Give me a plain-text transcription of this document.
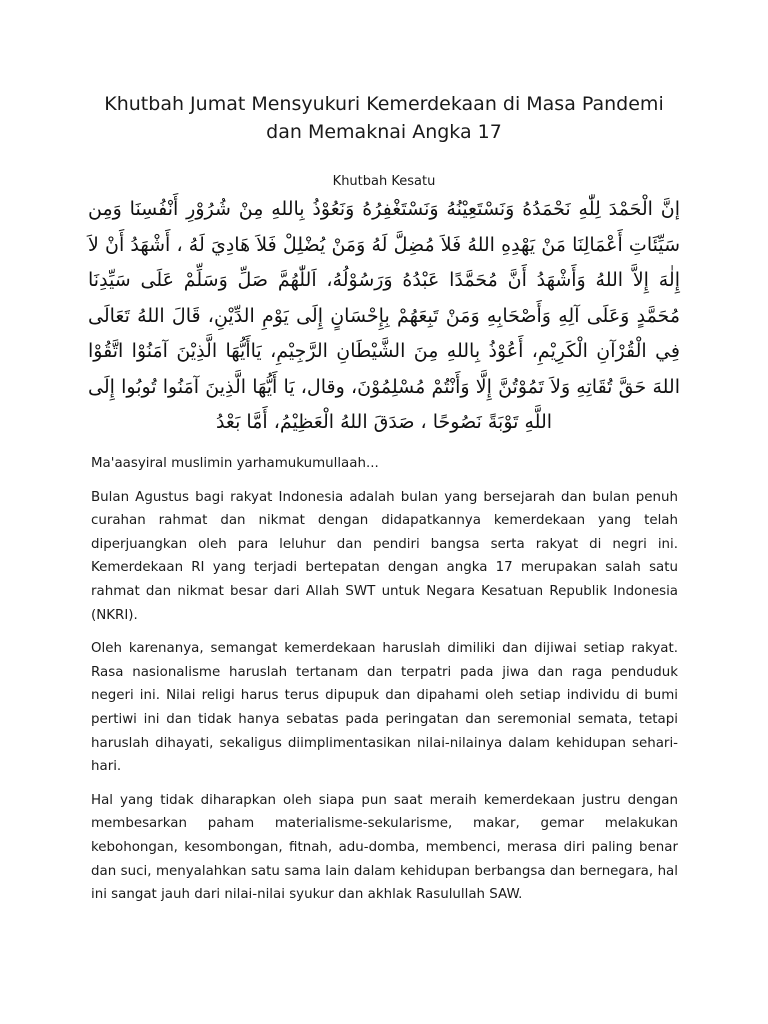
Khutbah Jumat Mensyukuri Kemerdekaan di Masa Pandemi
dan Memaknai Angka 17
Khutbah Kesatu
إنَّ الْحَمْدَ لِلّٰهِ نَحْمَدُهُ وَنَسْتَعِيْنُهُ وَنَسْتَغْفِرُهُ وَنَعُوْذُ بِاللهِ مِنْ شُرُوْرِ أَنْفُسِنَا وَمِن سَيِّئَاتِ أَعْمَالِنَا مَنْ يَهْدِهِ اللهُ فَلاَ مُضِلَّ لَهُ وَمَنْ يُضْلِلْ فَلاَ هَادِيَ لَهُ ، أَشْهَدُ أَنْ لاَ إِلٰهَ إِلاَّ اللهُ وَأَشْهَدُ أَنَّ مُحَمَّدًا عَبْدُهُ وَرَسُوْلُهُ، اَللّٰهُمَّ صَلِّ وَسَلِّمْ عَلَى سَيِّدِنَا مُحَمَّدٍ وَعَلَى آلِهِ وَأَصْحَابِهِ وَمَنْ تَبِعَهُمْ بِإِحْسَانٍ إِلَى يَوْمِ الدِّيْنِ، قَالَ اللهُ تَعَالَى فِي الْقُرْآنِ الْكَرِيْمِ، أَعُوْذُ بِاللهِ مِنَ الشَّيْطَانِ الرَّجِيْمِ، يَاأَيُّهَا الَّذِيْنَ آمَنُوْا اتَّقُوْا اللهَ حَقَّ تُقَاتِهِ وَلاَ تَمُوْتُنَّ إِلَّا وَأَنْتُمْ مُسْلِمُوْنَ، وقال، يَا أَيُّهَا الَّذِينَ آمَنُوا تُوبُوا إِلَى اللَّهِ تَوْبَةً نَصُوحًا ، صَدَقَ اللهُ الْعَظِيْمُ، أَمَّا بَعْدُ

Ma'aasyiral muslimin yarhamukumullaah...

Bulan Agustus bagi rakyat Indonesia adalah bulan yang bersejarah dan bulan penuh curahan rahmat dan nikmat dengan didapatkannya kemerdekaan yang telah diperjuangkan oleh para leluhur dan pendiri bangsa serta rakyat di negri ini. Kemerdekaan RI yang terjadi bertepatan dengan angka 17 merupakan salah satu rahmat dan nikmat besar dari Allah SWT untuk Negara Kesatuan Republik Indonesia (NKRI).

Oleh karenanya, semangat kemerdekaan haruslah dimiliki dan dijiwai setiap rakyat. Rasa nasionalisme haruslah tertanam dan terpatri pada jiwa dan raga penduduk negeri ini. Nilai religi harus terus dipupuk dan dipahami oleh setiap individu di bumi pertiwi ini dan tidak hanya sebatas pada peringatan dan seremonial semata, tetapi haruslah dihayati, sekaligus diimplimentasikan nilai-nilainya dalam kehidupan sehari-hari.

Hal yang tidak diharapkan oleh siapa pun saat meraih kemerdekaan justru dengan membesarkan paham materialisme-sekularisme, makar, gemar melakukan kebohongan, kesombongan, fitnah, adu-domba, membenci, merasa diri paling benar dan suci, menyalahkan satu sama lain dalam kehidupan berbangsa dan bernegara, hal ini sangat jauh dari nilai-nilai syukur dan akhlak Rasulullah SAW.
